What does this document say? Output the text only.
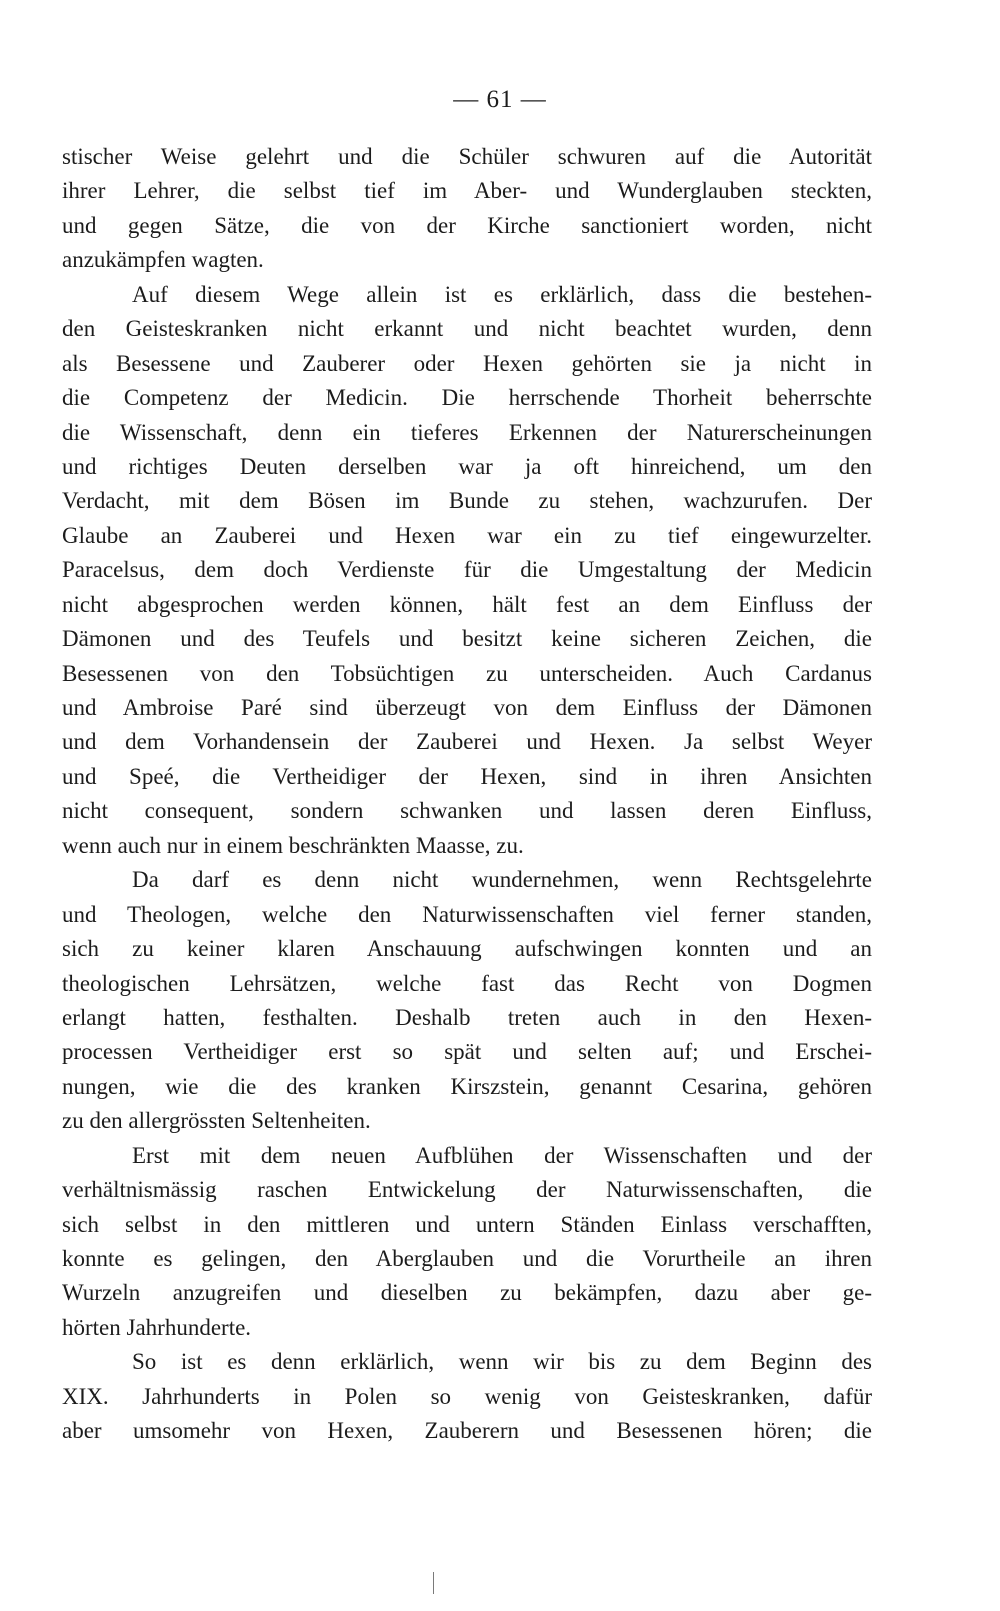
— 61 —
stischer Weise gelehrt und die Schüler schwuren auf die Autorität
ihrer Lehrer, die selbst tief im Aber- und Wunderglauben steckten,
und gegen Sätze, die von der Kirche sanctioniert worden, nicht
anzukämpfen wagten.
Auf diesem Wege allein ist es erklärlich, dass die bestehen-
den Geisteskranken nicht erkannt und nicht beachtet wurden, denn
als Besessene und Zauberer oder Hexen gehörten sie ja nicht in
die Competenz der Medicin. Die herrschende Thorheit beherrschte
die Wissenschaft, denn ein tieferes Erkennen der Naturerscheinungen
und richtiges Deuten derselben war ja oft hinreichend, um den
Verdacht, mit dem Bösen im Bunde zu stehen, wachzurufen. Der
Glaube an Zauberei und Hexen war ein zu tief eingewurzelter.
Paracelsus, dem doch Verdienste für die Umgestaltung der Medicin
nicht abgesprochen werden können, hält fest an dem Einfluss der
Dämonen und des Teufels und besitzt keine sicheren Zeichen, die
Besessenen von den Tobsüchtigen zu unterscheiden. Auch Cardanus
und Ambroise Paré sind überzeugt von dem Einfluss der Dämonen
und dem Vorhandensein der Zauberei und Hexen. Ja selbst Weyer
und Speé, die Vertheidiger der Hexen, sind in ihren Ansichten
nicht consequent, sondern schwanken und lassen deren Einfluss,
wenn auch nur in einem beschränkten Maasse, zu.
Da darf es denn nicht wundernehmen, wenn Rechtsgelehrte
und Theologen, welche den Naturwissenschaften viel ferner standen,
sich zu keiner klaren Anschauung aufschwingen konnten und an
theologischen Lehrsätzen, welche fast das Recht von Dogmen
erlangt hatten, festhalten. Deshalb treten auch in den Hexen-
processen Vertheidiger erst so spät und selten auf; und Erschei-
nungen, wie die des kranken Kirszstein, genannt Cesarina, gehören
zu den allergrössten Seltenheiten.
Erst mit dem neuen Aufblühen der Wissenschaften und der
verhältnismässig raschen Entwickelung der Naturwissenschaften, die
sich selbst in den mittleren und untern Ständen Einlass verschafften,
konnte es gelingen, den Aberglauben und die Vorurtheile an ihren
Wurzeln anzugreifen und dieselben zu bekämpfen, dazu aber ge-
hörten Jahrhunderte.
So ist es denn erklärlich, wenn wir bis zu dem Beginn des
XIX. Jahrhunderts in Polen so wenig von Geisteskranken, dafür
aber umsomehr von Hexen, Zauberern und Besessenen hören; die
